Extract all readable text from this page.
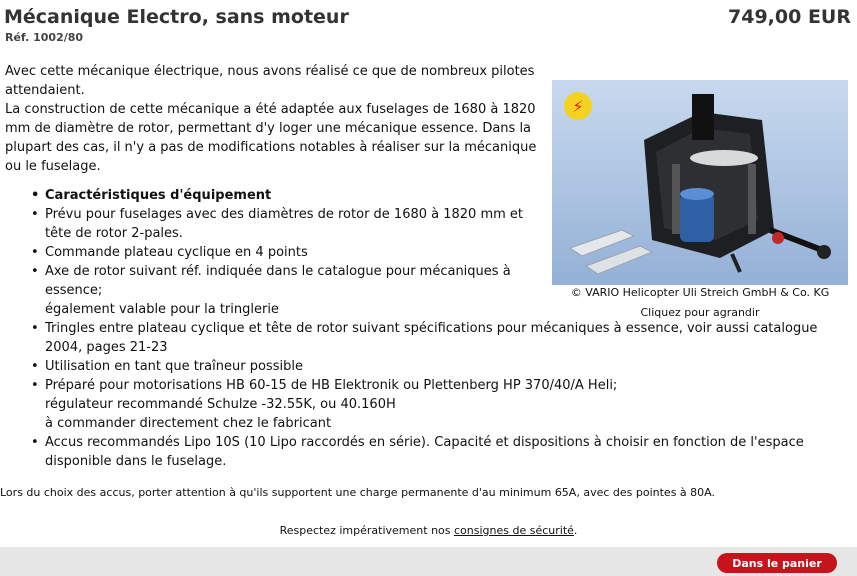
Mécanique Electro, sans moteur
Réf. 1002/80
749,00 EUR

Avec cette mécanique électrique, nous avons réalisé ce que de nombreux pilotes attendaient.

La construction de cette mécanique a été adaptée aux fuselages de 1680 à 1820 mm de diamètre de rotor, permettant d'y loger une mécanique essence. Dans la plupart des cas, il n'y a pas de modifications notables à réaliser sur la mécanique ou le fuselage.

⚡
© VARIO Helicopter Uli Streich GmbH & Co. KG
Cliquez pour agrandir
• Caractéristiques d'équipement
• Prévu pour fuselages avec des diamètres de rotor de 1680 à 1820 mm et tête de rotor 2-pales.
• Commande plateau cyclique en 4 points
• Axe de rotor suivant réf. indiquée dans le catalogue pour mécaniques à essence;
également valable pour la tringlerie
• Tringles entre plateau cyclique et tête de rotor suivant spécifications pour mécaniques à essence, voir aussi catalogue 2004, pages 21-23
• Utilisation en tant que traîneur possible
• Préparé pour motorisations HB 60-15 de HB Elektronik ou Plettenberg HP 370/40/A Heli;
régulateur recommandé Schulze -32.55K, ou 40.160H
à commander directement chez le fabricant
• Accus recommandés Lipo 10S (10 Lipo raccordés en série). Capacité et dispositions à choisir en fonction de l'espace disponible dans le fuselage.
Lors du choix des accus, porter attention à qu'ils supportent une charge permanente d'au minimum 65A, avec des pointes à 80A.
Respectez impérativement nos consignes de sécurité.
Dans le panier
